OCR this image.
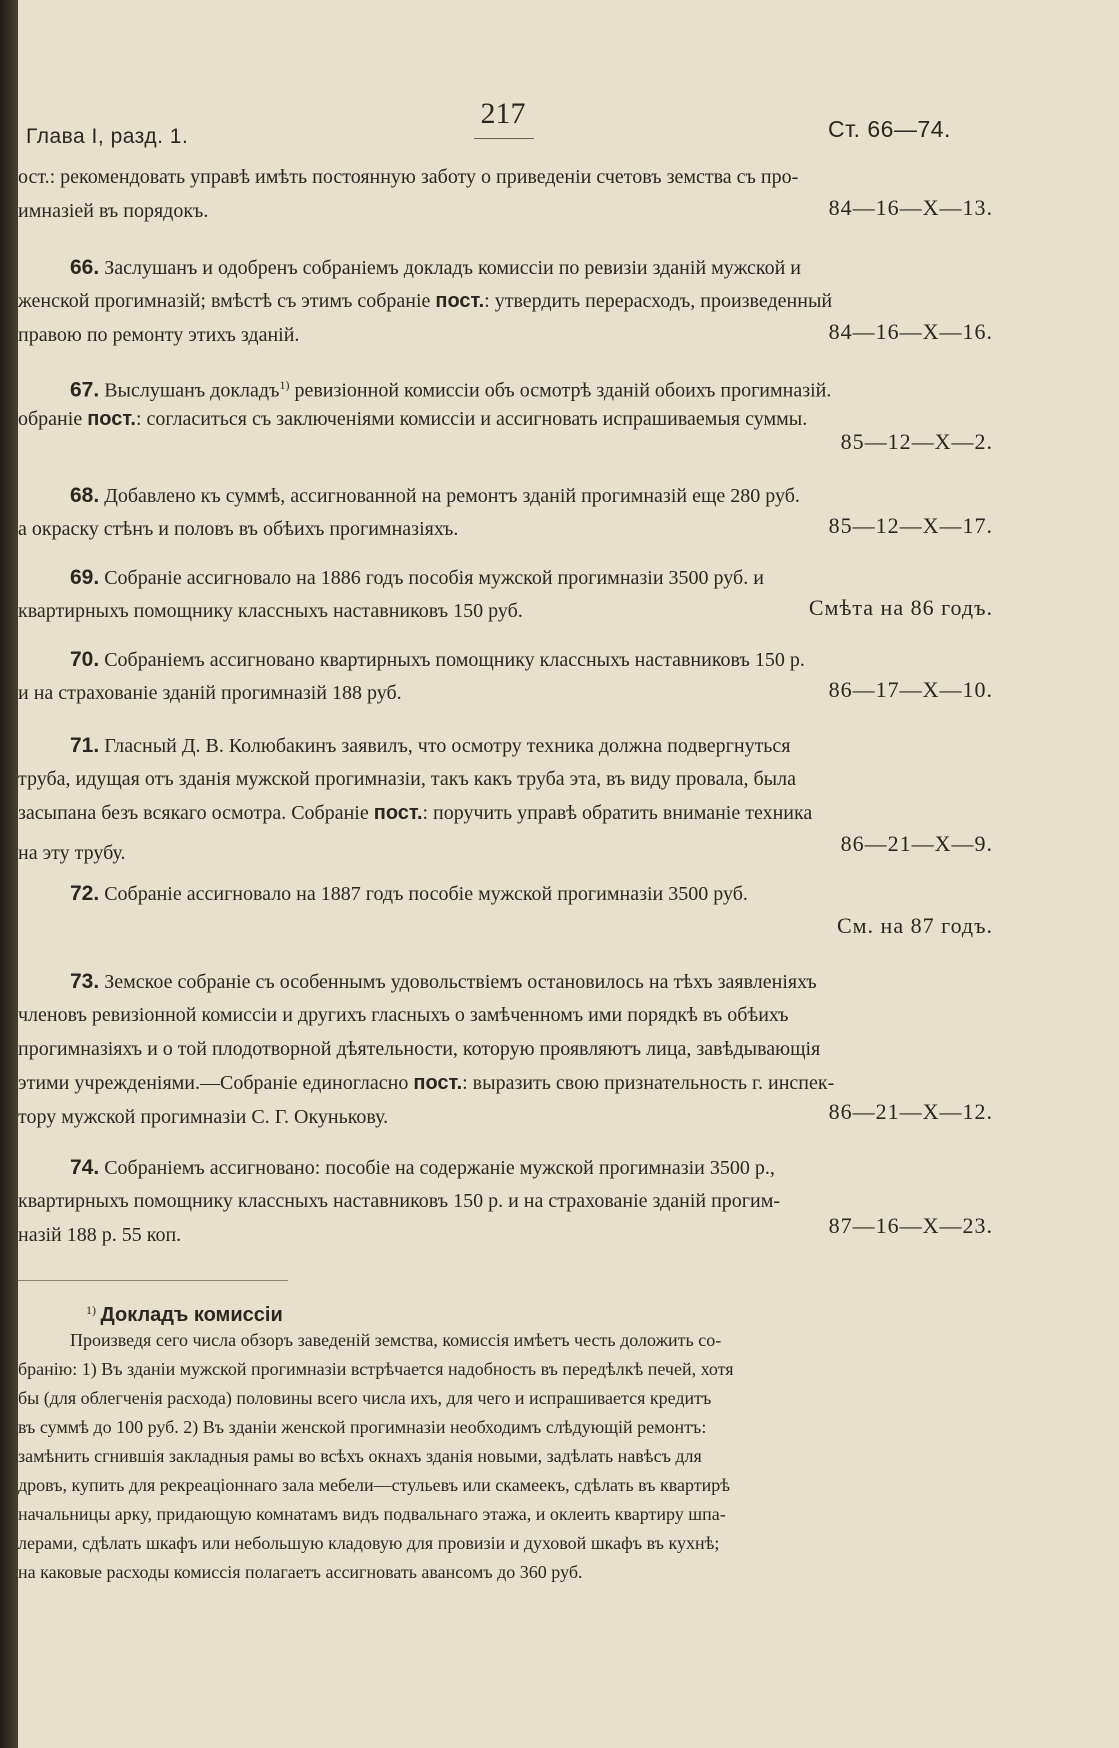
Глава I, разд. 1.
217	Ст. 66—74.
ост.: рекомендовать управѣ имѣть постоянную заботу о приведеніи счетовъ земства съ про-
имназіей въ порядокъ.	84—16—X—13.
66. Заслушанъ и одобренъ собраніемъ докладъ комиссіи по ревизіи зданій мужской и
женской прогимназій; вмѣстѣ съ этимъ собраніе пост.: утвердить перерасходъ, произведенный
правою по ремонту этихъ зданій.	84—16—X—16.
67. Выслушанъ докладъ$^{1)}$ ревизіонной комиссіи объ осмотрѣ зданій обоихъ прогимназій.
обраніе пост.: согласиться съ заключеніями комиссіи и ассигновать испрашиваемыя суммы.
85—12—X—2.
68. Добавлено къ суммѣ, ассигнованной на ремонтъ зданій прогимназій еще 280 руб.
а окраску стѣнъ и половъ въ обѣихъ прогимназіяхъ.	85—12—X—17.
69. Собраніе ассигновало на 1886 годъ пособія мужской прогимназіи 3500 руб. и
квартирныхъ помощнику классныхъ наставниковъ 150 руб.	Смѣта на 86 годъ.
70. Собраніемъ ассигновано квартирныхъ помощнику классныхъ наставниковъ 150 р.
и на страхованіе зданій прогимназій 188 руб.	86—17—X—10.
71. Гласный Д. В. Колюбакинъ заявилъ, что осмотру техника должна подвергнуться
труба, идущая отъ зданія мужской прогимназіи, такъ какъ труба эта, въ виду провала, была
засыпана безъ всякаго осмотра. Собраніе пост.: поручить управѣ обратить вниманіе техника
на эту трубу.	86—21—X—9.
72. Собраніе ассигновало на 1887 годъ пособіе мужской прогимназіи 3500 руб.
См. на 87 годъ.
73. Земское собраніе съ особеннымъ удовольствіемъ остановилось на тѣхъ заявленіяхъ
членовъ ревизіонной комиссіи и другихъ гласныхъ о замѣченномъ ими порядкѣ въ обѣихъ
прогимназіяхъ и о той плодотворной дѣятельности, которую проявляютъ лица, завѣдывающія
этими учрежденіями.—Собраніе единогласно пост.: выразить свою признательность г. инспек-
тору мужской прогимназіи С. Г. Окунькову.	86—21—X—12.
74. Собраніемъ ассигновано: пособіе на содержаніе мужской прогимназіи 3500 р.,
квартирныхъ помощнику классныхъ наставниковъ 150 р. и на страхованіе зданій прогим-
назій 188 р. 55 коп.	87—16—X—23.
$^{1)}$ Докладъ комиссіи
Произведя сего числа обзоръ заведеній земства, комиссія имѣетъ честь доложить со-
бранію: 1) Въ зданіи мужской прогимназіи встрѣчается надобность въ передѣлкѣ печей, хотя
бы (для облегченія расхода) половины всего числа ихъ, для чего и испрашивается кредитъ
въ суммѣ до 100 руб. 2) Въ зданіи женской прогимназіи необходимъ слѣдующій ремонтъ:
замѣнить сгнившія закладныя рамы во всѣхъ окнахъ зданія новыми, задѣлать навѣсъ для
дровъ, купить для рекреаціоннаго зала мебели—стульевъ или скамеекъ, сдѣлать въ квартирѣ
начальницы арку, придающую комнатамъ видъ подвальнаго этажа, и оклеить квартиру шпа-
лерами, сдѣлать шкафъ или небольшую кладовую для провизіи и духовой шкафъ въ кухнѣ;
на каковые расходы комиссія полагаетъ ассигновать авансомъ до 360 руб.
